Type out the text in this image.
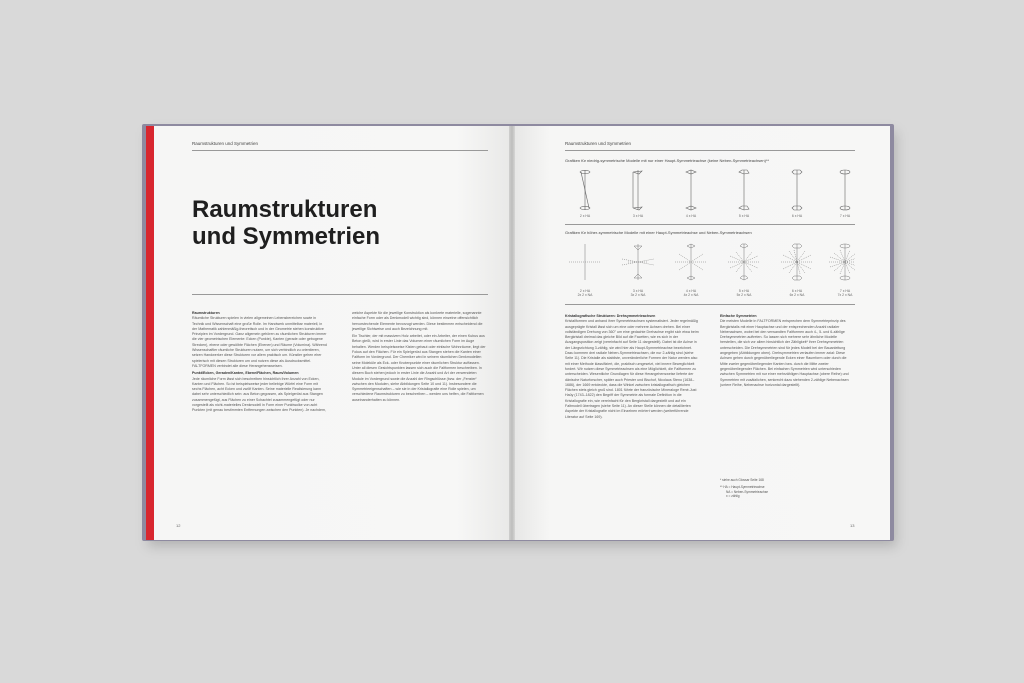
Raumstrukturen und Symmetrien
Raumstrukturen
und Symmetrien

Raumstrukturen
Räumliche Strukturen spielen in vielen allgemeinen Lebensbereichen sowie in Technik und Wissenschaft eine große Rolle. Im Handwerk unmittelbar materiell, in der Mathematik zahlenmäßig-theoretisch und in der Geometrie stehen konstruktive Prinzipien im Vordergrund. Ganz allgemein gehören zu räumlichen Strukturen immer die vier geometrischen Elemente: Ecken (Punkte), Kanten (gerade oder gebogene Strecken), ebene oder gewölbte Flächen (Ebenen) und Räume (Volumina). Während Wissenschaftler räumliche Strukturen nutzen, um sich verbindlich zu orientieren, setzen Handwerker diese Strukturen vor allem praktisch um. Künstler gehen eher spielerisch mit diesen Strukturen um und nutzen diese als Ausdrucksmittel. FALTFORMEN verbindet alle diese Herangehensweisen.

Punkt/Ecken, Geraden/Kanten, Ebene/Flächen, Raum/Volumen
Jede räumliche Form lässt sich beschreiben hinsichtlich ihrer Anzahl von Ecken, Kanten und Flächen. So ist beispielsweise jeder beliebige Würfel eine Form mit sechs Flächen, acht Ecken und zwölf Kanten. Seine materielle Realisierung kann dabei sehr unterschiedlich sein: aus Beton gegossen, als Spielgerüst aus Stangen zusammengefügt, aus Flächen zu einer Schachtel zusammengefügt oder nur vorgestellt als nicht-materielles Denkmodell in Form einer Punktwolke von acht Punkten (mit genau bestimmten Entfernungen zwischen den Punkten). Je nachdem,

welche Aspekte für die jeweilige Konstruktion als konkrete materielle, sogenannte einfache Form oder als Denkmodell wichtig sind, können einzelne offensichtlich hervorstechende Elemente bevorzugt werden. Diese bestimmen entscheidend die jeweilige Sichtweise und auch Bezeichnung mit.

Ein Tischler, der mit massivem Holz arbeitet, oder ein Arbeiter, der einen Kubus aus Beton gießt, wird in erster Linie das Volumen einer räumlichen Form im Auge behalten. Werden beispielsweise Kisten gebaut oder einfache Wohnräume, liegt der Fokus auf den Flächen. Für ein Spielgerüst aus Stangen stehen die Kanten einer Faltform im Vordergrund. Der Chemiker wird in seinem räumlichen Denkmodellen seine Moleküle als Eck- oder Knotenpunkte einer räumlichen Struktur auffassen. Unter all diesen Gesichtspunkten lassen sich auch die Faltformen beschreiben. In diesem Buch stehen jedoch in erster Linie die Anzahl und Art der verwendeten Module im Vordergrund sowie die Anzahl der Ringschlüsse (bzw. der „Fenster“ zwischen den Modulen, siehe Abbildungen Seite 10 und 11). Insbesondere die Symmetrieeigenschaften – wie sie in der Kristallografie eine Rolle spielen, um verschiedene Raumstrukturen zu beschreiben – werden uns helfen, die Faltformen auseinanderhalten zu können.

12
Raumstrukturen und Symmetrien
Grafiken für niedrig-symmetrische Modelle mit nur einer Haupt-Symmetrieachse (keine Neben-Symmetrieachsen)**
2 x HA	3 x HA	4 x HA	5 x HA	6 x HA	7 x HA
Grafiken für höher-symmetrische Modelle mit einer Haupt-Symmetrieachse und Neben-Symmetrieachsen
2 x HA
2x 2 x NA
3 x HA
3x 2 x NA
4 x HA
4x 2 x NA
5 x HA
5x 2 x NA
6 x HA
6x 2 x NA
7 x HA
7x 2 x NA

Kristallografische Strukturen: Drehsymmetrieachsen
Kristallformen und anhand ihrer Symmetrieachsen systematisiert. Jeder regelmäßig ausgeprägte Kristall lässt sich um eine oder mehrere Achsen drehen. Bei einer vollständigen Drehung von 360° um eine gedachte Drehachse ergibt sich etwa beim Bergkristall dreimal das gleiche Bild auf die Facetten, wie es sich in der Ausgangsposition zeigt (vereinfacht auf Seite 11 dargestellt). Dabei ist die Achse in der Längsrichtung 3-zählig, sie wird hier als Haupt-Symmetrieachse bezeichnet. Dazu kommen drei radiale Neben-Symmetrieachsen, die nur 2-zählig sind (siehe Seite 11). Die Kristalle als stabilste, unveränderliche Formen der Natur werden also mit einer Methode klassifiziert, die, praktisch umgesetzt, viel innere Beweglichkeit fordert. Wir nutzen diese Symmetrieachsen als eine Möglichkeit, die Faltformen zu unterscheiden. Wesentliche Grundlagen für diese Herangehensweise lieferte der dänische Naturforscher, später auch Priester und Bischof, Nicolaus Steno (1638–1686), der 1669 entdeckte, dass die Winkel zwischen kristallografisch gleichen Flächen stets gleich groß sind. 1801 führte der französische Mineraloge René-Just Haüy (1743–1822) den Begriff der Symmetrie als formale Definition in die Kristallografie ein, wie vereinfacht für den Bergkristall dargestellt und auf ein Faltmodell übertragen (siehe Seite 11). An dieser Stelle können die detaillierten Aspekte der Kristallografie nicht im Einzelnen erörtert werden (weiterführende Literatur auf Seite 169).

Einfache Symmetrien
Die meisten Modelle in FALTFORMEN entsprechen dem Symmetrieprinzip des Bergkristalls mit einer Hauptachse und der entsprechenden Anzahl radialer Nebenachsen, wobei bei den verwandten Faltformen auch 4-, 5- und 6-zählige Drehsymmetrien auftreten. So lassen sich mehrere sehr ähnliche Modelle herstellen, die sich vor allem hinsichtlich der Zähligkeit* ihrer Drehsymmetrien unterscheiden. Die Drehsymmetrien sind für jedes Modell bei der Bauanleitung angegeben (Abbildungen oben). Drehsymmetrien verlaufen immer axial: Diese Achsen gehen durch gegenüberliegende Ecken einer Raumform oder durch die Mitte zweier gegenüberliegender Kanten bzw. durch die Mitte zweier gegenüberliegender Flächen. Bei einfachen Symmetrien wird unterschieden zwischen Symmetrien mit nur einer mehrzähligen Hauptachse (obere Reihe) und Symmetrien mit zusätzlichen, senkrecht dazu stehenden 2-zählige Nebenachsen (untere Reihe, Nebenachse horizontal dargestellt).

* siehe auch Glossar Seite 168
** HA = Haupt-Symmetrieachse
NA = Neben-Symmetrieachse
x = zählig
13
